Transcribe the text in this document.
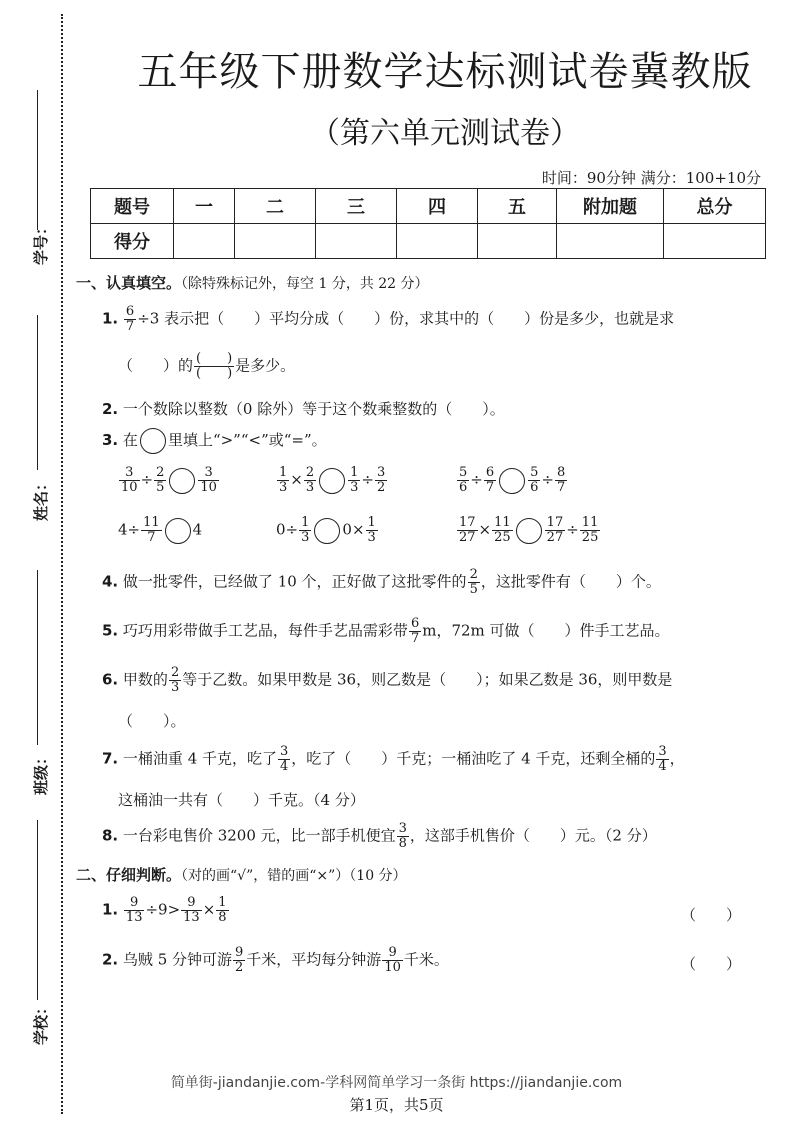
学号：
姓名：
班级：
学校：
五年级下册数学达标测试卷冀教版
（第六单元测试卷）
时间：90分钟 满分：100+10分
题号	一	二	三	四	五	附加题	总分
得分							
一、认真填空。（除特殊标记外，每空 1 分，共 22 分）
1. $\frac{6}{7} \div 3$ 表示把（　　）平均分成（　　）份，求其中的（　　）份是多少，也就是求
（　　）的 $\frac{( )}{( )}$ 是多少。
2. 一个数除以整数（0 除外）等于这个数乘整数的（　　）。
3. 在 里填上“>”“<”或“=”。
$\frac{3}{10} \div \frac{2}{5} \frac{3}{10}$	$\frac{1}{3} \times \frac{2}{3} \frac{1}{3} \div \frac{3}{2}$	$\frac{5}{6} \div \frac{6}{7} \frac{5}{6} \div \frac{8}{7}$
$4\div \frac{11}{7} 4$	$0\div \frac{1}{3} 0\times \frac{1}{3}$	$\frac{17}{27} \times \frac{11}{25} \frac{17}{27} \div \frac{11}{25}$
4. 做一批零件，已经做了 10 个，正好做了这批零件的 $\frac{2}{5}$ ，这批零件有（　　）个。
5. 巧巧用彩带做手工艺品，每件手艺品需彩带 $\frac{6}{7}$ m，72m 可做（　　）件手工艺品。
6. 甲数的 $\frac{2}{3}$ 等于乙数。如果甲数是 36，则乙数是（　　）；如果乙数是 36，则甲数是
（　　）。
7. 一桶油重 4 千克，吃了 $\frac{3}{4}$ ，吃了（　　）千克；一桶油吃了 4 千克，还剩全桶的 $\frac{3}{4}$ ，
这桶油一共有（　　）千克。（4 分）
8. 一台彩电售价 3200 元，比一部手机便宜 $\frac{3}{8}$ ，这部手机售价（　　）元。（2 分）
二、仔细判断。（对的画“√”，错的画“×”）（10 分）
1. $\frac{9}{13} \div 9> \frac{9}{13} \times \frac{1}{8}$	（　　）
2. 乌贼 5 分钟可游 $\frac{9}{2}$ 千米，平均每分钟游 $\frac{9}{10}$ 千米。	（　　）
简单街-jiandanjie.com-学科网简单学习一条街 https://jiandanjie.com
第1页，共5页
